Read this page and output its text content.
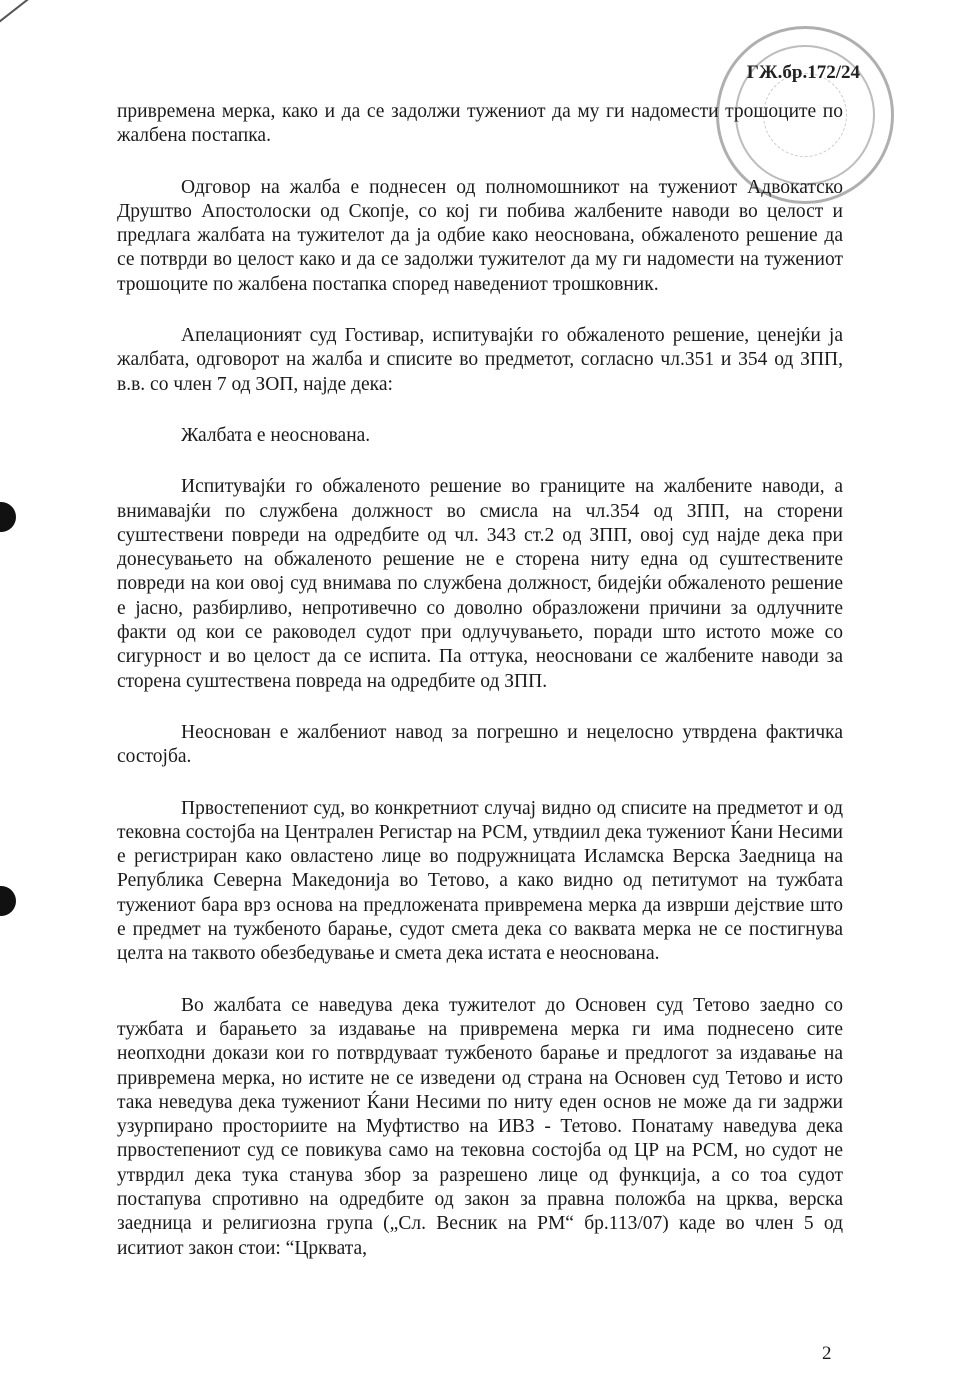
ГЖ.бр.172/24

привремена мерка, како и да се задолжи тужениот да му ги надомести трошоците по жалбена постапка.

Одговор на жалба е поднесен од полномошникот на тужениот Адвокатско Друштво Апостолоски од Скопје, со кој ги побива жалбените наводи во целост и предлага жалбата на тужителот да ја одбие како неоснована, обжаленото решение да се потврди во целост како и да се задолжи тужителот да му ги надомести на тужениот трошоците по жалбена постапка според наведениот трошковник.

Апелационият суд Гостивар, испитувајќи го обжаленото решение, ценејќи ја жалбата, одговорот на жалба и списите во предметот, согласно чл.351 и 354 од ЗПП, в.в. со член 7 од ЗОП, најде дека:

Жалбата е неоснована.

Испитувајќи го обжаленото решение во границите на жалбените наводи, а внимавајќи по службена должност во смисла на чл.354 од ЗПП, на сторени суштествени повреди на одредбите од чл. 343 ст.2 од ЗПП, овој суд најде дека при донесувањето на обжаленото решение не е сторена ниту една од суштествените повреди на кои овој суд внимава по службена должност, бидејќи обжаленото решение е јасно, разбирливо, непротивечно со доволно образложени причини за одлучните факти од кои се раководел судот при одлучувањето, поради што истото може со сигурност и во целост да се испита. Па оттука, неосновани се жалбените наводи за сторена суштествена повреда на одредбите од ЗПП.

Неоснован е жалбениот навод за погрешно и нецелосно утврдена фактичка состојба.

Првостепениот суд, во конкретниот случај видно од списите на предметот и од тековна состојба на Централен Регистар на РСМ, утвдиил дека тужениот Ќани Несими е регистриран како овластено лице во подружницата Исламска Верска Заедница на Република Северна Македонија во Тетово, а како видно од петитумот на тужбата тужениот бара врз основа на предложената привремена мерка да изврши дејствие што е предмет на тужбеното барање, судот смета дека со ваквата мерка не се постигнува целта на таквото обезбедување и смета дека истата е неоснована.

Во жалбата се наведува дека тужителот до Основен суд Тетово заедно со тужбата и барањето за издавање на привремена мерка ги има поднесено сите неопходни докази кои го потврдуваат тужбеното барање и предлогот за издавање на привремена мерка, но истите не се изведени од страна на Основен суд Тетово и исто така неведува дека тужениот Ќани Несими по ниту еден основ не може да ги задржи узурпирано просториите на Муфтиство на ИВЗ - Тетово. Понатаму наведува дека првостепениот суд се повикува само на тековна состојба од ЦР на РСМ, но судот не утврдил дека тука станува збор за разрешено лице од функција, а со тоа судот постапува спротивно на одредбите од закон за правна положба на црква, верска заедница и религиозна група („Сл. Весник на РМ“ бр.113/07) каде во член 5 од иситиот закон стои: “Црквата,

2
